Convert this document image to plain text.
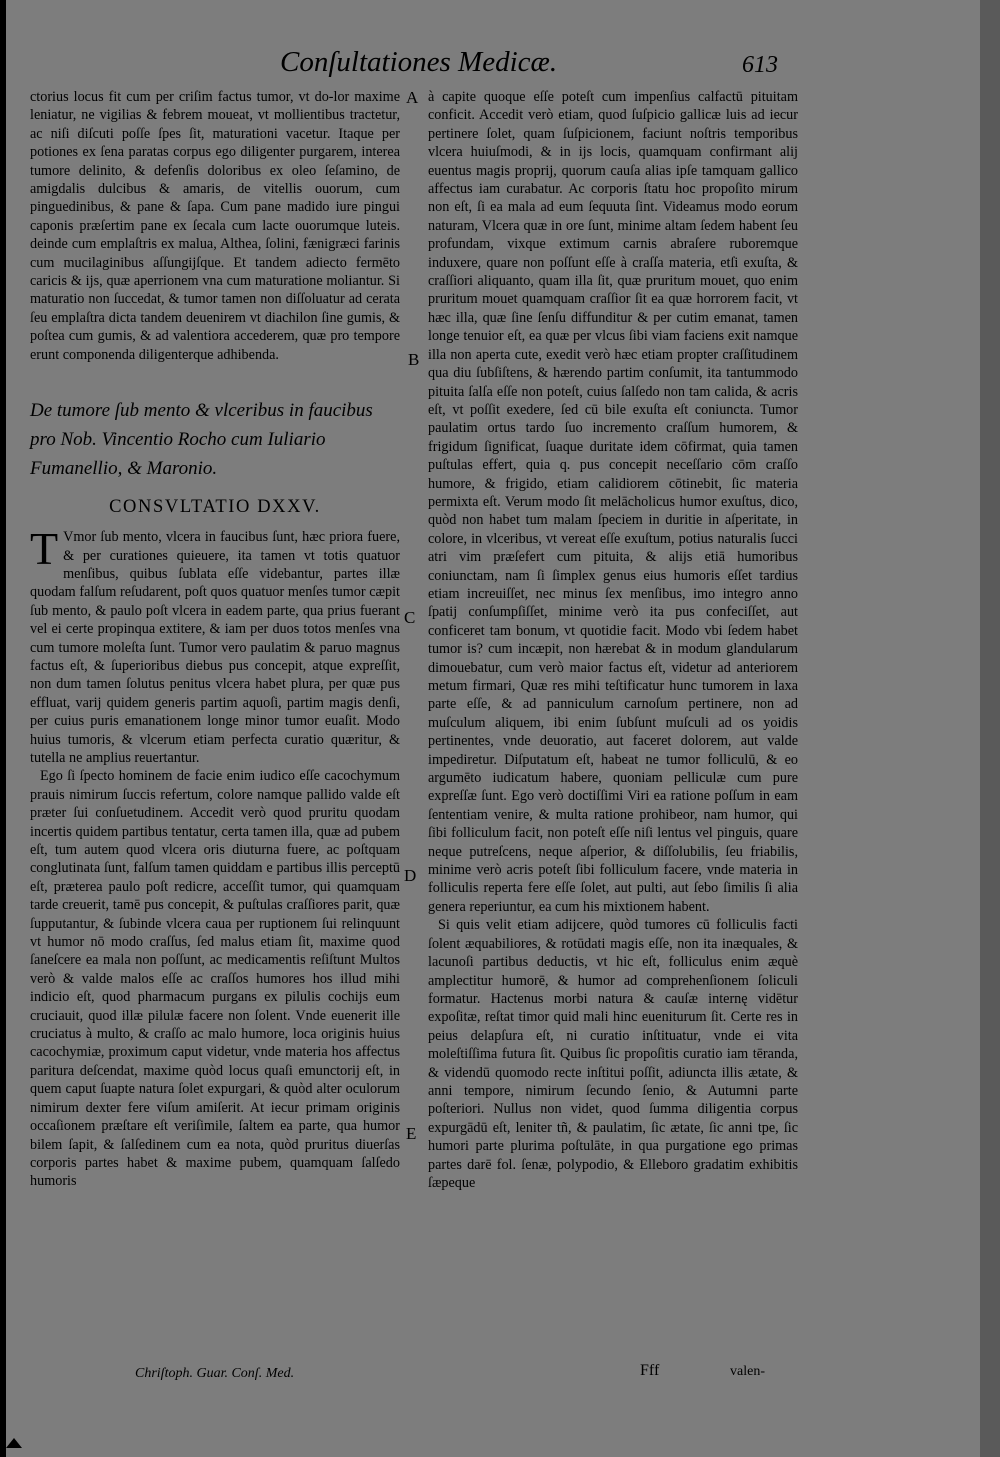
Conſultationes Medicæ.	613
A
B
C
D
E

ctorius locus fit cum per criſim factus tumor, vt do-lor maxime leniatur, ne vigilias & febrem moueat, vt mollientibus tractetur, ac niſi diſcuti poſſe ſpes ſit, maturationi vacetur. Itaque per potiones ex ſena paratas corpus ego diligenter purgarem, interea tumore delinito, & defenſis doloribus ex oleo ſeſamino, de amigdalis dulcibus & amaris, de vitellis ouorum, cum pinguedinibus, & pane & ſapa. Cum pane madido iure pingui caponis præſertim pane ex ſecala cum lacte ouorumque luteis. deinde cum emplaſtris ex malua, Althea, ſolini, fænigræci farinis cum mucilaginibus aſſungijſque. Et tandem adiecto fermēto caricis & ijs, quæ aperrionem vna cum maturatione moliantur. Si maturatio non ſuccedat, & tumor tamen non diſſoluatur ad cerata ſeu emplaſtra dicta tandem deuenirem vt diachilon ſine gumis, & poſtea cum gumis, & ad valentiora accederem, quæ pro tempore erunt componenda diligenterque adhibenda.

De tumore ſub mento & vlceribus in faucibus pro Nob. Vincentio Rocho cum Iuliario Fumanellio, & Maronio.
CONSVLTATIO DXXV.

T Vmor ſub mento, vlcera in faucibus ſunt, hæc priora fuere, & per curationes quieuere, ita tamen vt totis quatuor menſibus, quibus ſublata eſſe videbantur, partes illæ quodam falſum reſudarent, poſt quos quatuor menſes tumor cæpit ſub mento, & paulo poſt vlcera in eadem parte, qua prius fuerant vel ei certe propinqua extitere, & iam per duos totos menſes vna cum tumore moleſta ſunt. Tumor vero paulatim & paruo magnus factus eſt, & ſuperioribus diebus pus concepit, atque expreſſit, non dum tamen ſolutus penitus vlcera habet plura, per quæ pus effluat, varij quidem generis partim aquoſi, partim magis denſi, per cuius puris emanationem longe minor tumor euaſit. Modo huius tumoris, & vlcerum etiam perfecta curatio quæritur, & tutella ne amplius reuertantur.

Ego ſi ſpecto hominem de facie enim iudico eſſe cacochymum prauis nimirum ſuccis refertum, colore namque pallido valde eſt præter ſui conſuetudinem. Accedit verò quod pruritu quodam incertis quidem partibus tentatur, certa tamen illa, quæ ad pubem eſt, tum autem quod vlcera oris diuturna fuere, ac poſtquam conglutinata ſunt, falſum tamen quiddam e partibus illis perceptū eſt, præterea paulo poſt redicre, acceſſit tumor, qui quamquam tarde creuerit, tamē pus concepit, & puſtulas craſſiores parit, quæ ſupputantur, & ſubinde vlcera caua per ruptionem ſui relinquunt vt humor nō modo craſſus, ſed malus etiam ſit, maxime quod ſaneſcere ea mala non poſſunt, ac medicamentis reſiſtunt Multos verò & valde malos eſſe ac craſſos humores hos illud mihi indicio eſt, quod pharmacum purgans ex pilulis cochijs eum cruciauit, quod illæ pilulæ facere non ſolent. Vnde euenerit ille cruciatus à multo, & craſſo ac malo humore, loca originis huius cacochymiæ, proximum caput videtur, vnde materia hos affectus paritura deſcendat, maxime quòd locus quaſi emunctorij eſt, in quem caput ſuapte natura ſolet expurgari, & quòd alter oculorum nimirum dexter fere viſum amiſerit. At iecur primam originis occaſionem præſtare eſt veriſimile, ſaltem ea parte, qua humor bilem ſapit, & ſalſedinem cum ea nota, quòd pruritus diuerſas corporis partes habet & maxime pubem, quamquam ſalſedo humoris

à capite quoque eſſe poteſt cum impenſius calfactū pituitam conficit. Accedit verò etiam, quod ſuſpicio gallicæ luis ad iecur pertinere ſolet, quam ſuſpicionem, faciunt noſtris temporibus vlcera huiuſmodi, & in ijs locis, quamquam confirmant alij euentus magis proprij, quorum cauſa alias ipſe tamquam gallico affectus iam curabatur. Ac corporis ſtatu hoc propoſito mirum non eſt, ſi ea mala ad eum ſequuta ſint. Videamus modo eorum naturam, Vlcera quæ in ore ſunt, minime altam ſedem habent ſeu profundam, vixque extimum carnis abraſere ruboremque induxere, quare non poſſunt eſſe à craſſa materia, etſi exuſta, & craſſiori aliquanto, quam illa ſit, quæ pruritum mouet, quo enim pruritum mouet quamquam craſſior ſit ea quæ horrorem facit, vt hæc illa, quæ ſine ſenſu diffunditur & per cutim emanat, tamen longe tenuior eſt, ea quæ per vlcus ſibi viam faciens exit namque illa non aperta cute, exedit verò hæc etiam propter craſſitudinem qua diu ſubſiſtens, & hærendo partim conſumit, ita tantummodo pituita ſalſa eſſe non poteſt, cuius ſalſedo non tam calida, & acris eſt, vt poſſit exedere, ſed cū bile exuſta eſt coniuncta. Tumor paulatim ortus tardo ſuo incremento craſſum humorem, & frigidum ſignificat, ſuaque duritate idem cōfirmat, quia tamen puſtulas effert, quia q. pus concepit neceſſario cōm craſſo humore, & frigido, etiam calidiorem cōtinebit, ſic materia permixta eſt. Verum modo ſit melācholicus humor exuſtus, dico, quòd non habet tum malam ſpeciem in duritie in aſperitate, in colore, in vlceribus, vt vereat eſſe exuſtum, potius naturalis ſucci atri vim præſefert cum pituita, & alijs etiā humoribus coniunctam, nam ſi ſimplex genus eius humoris eſſet tardius etiam increuiſſet, nec minus ſex menſibus, imo integro anno ſpatij conſumpſiſſet, minime verò ita pus confeciſſet, aut conficeret tam bonum, vt quotidie facit. Modo vbi ſedem habet tumor is? cum incæpit, non hærebat & in modum glandularum dimouebatur, cum verò maior factus eſt, videtur ad anteriorem metum firmari, Quæ res mihi teſtificatur hunc tumorem in laxa parte eſſe, & ad panniculum carnoſum pertinere, non ad muſculum aliquem, ibi enim ſubſunt muſculi ad os yoidis pertinentes, vnde deuoratio, aut faceret dolorem, aut valde impediretur. Diſputatum eſt, habeat ne tumor folliculū, & eo argumēto iudicatum habere, quoniam pelliculæ cum pure expreſſæ ſunt. Ego verò doctiſſimi Viri ea ratione poſſum in eam ſententiam venire, & multa ratione prohibeor, nam humor, qui ſibi folliculum facit, non poteſt eſſe niſi lentus vel pinguis, quare neque putreſcens, neque aſperior, & diſſolubilis, ſeu friabilis, minime verò acris poteſt ſibi folliculum facere, vnde materia in folliculis reperta fere eſſe ſolet, aut pulti, aut ſebo ſimilis ſi alia genera reperiuntur, ea cum his mixtionem habent.

Si quis velit etiam adijcere, quòd tumores cū folliculis facti ſolent æquabiliores, & rotūdati magis eſſe, non ita inæquales, & lacunoſi partibus deductis, vt hic eſt, folliculus enim æquè amplectitur humorē, & humor ad comprehenſionem ſoliculi formatur. Hactenus morbi natura & cauſæ internę vidētur expoſitæ, reſtat timor quid mali hinc eueniturum ſit. Certe res in peius delapſura eſt, ni curatio inſtituatur, vnde ei vita moleſtiſſima futura ſit. Quibus ſic propoſitis curatio iam tēranda, & videndū quomodo recte inſtitui poſſit, adiuncta illis ætate, & anni tempore, nimirum ſecundo ſenio, & Autumni parte poſteriori. Nullus non videt, quod ſumma diligentia corpus expurgādū eſt, leniter tñ, & paulatim, ſic ætate, ſic anni tpe, ſic humori parte plurima poſtulāte, in qua purgatione ego primas partes darē fol. ſenæ, polypodio, & Elleboro gradatim exhibitis ſæpeque

Chriſtoph. Guar. Conſ. Med.	Fff	valen-
